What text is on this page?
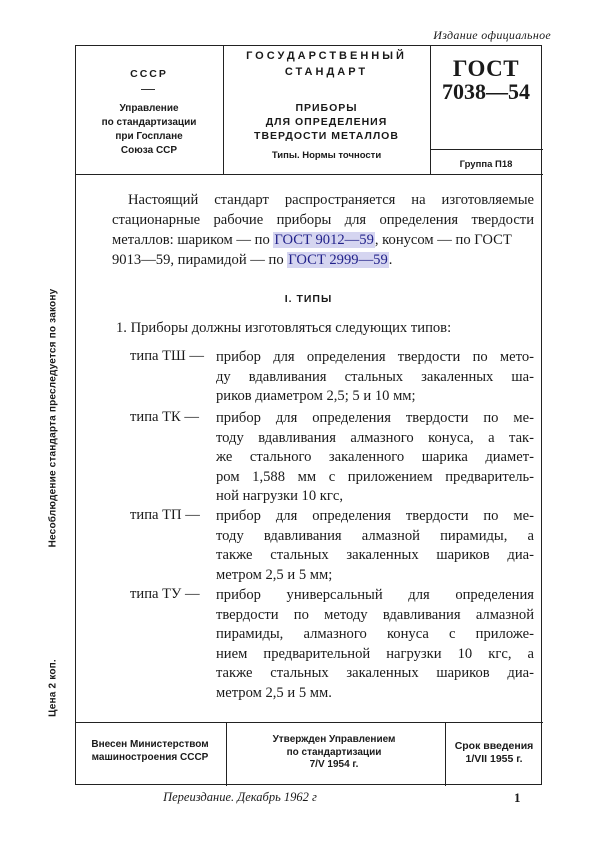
Издание официальное
СССР
Управление
по стандартизации
при Госплане
Союза ССР
ГОСУДАРСТВЕННЫЙ
СТАНДАРТ
ПРИБОРЫ
ДЛЯ ОПРЕДЕЛЕНИЯ
ТВЕРДОСТИ МЕТАЛЛОВ
Типы. Нормы точности
ГОСТ
7038—54
Группа П18
Настоящий стандарт распространяется на изготовляемые
стационарные рабочие приборы для определения твердости
металлов: шариком — по ГОСТ 9012—59, конусом — по ГОСТ
9013—59, пирамидой — по ГОСТ 2999—59.
I. ТИПЫ
1. Приборы должны изготовляться следующих типов:
типа ТШ — прибор для определения твердости по мето-
ду вдавливания стальных закаленных ша-
риков диаметром 2,5; 5 и 10 мм;
типа ТК — прибор для определения твердости по ме-
тоду вдавливания алмазного конуса, а так-
же стального закаленного шарика диамет-
ром 1,588 мм с приложением предваритель-
ной нагрузки 10 кгс,
типа ТП — прибор для определения твердости по ме-
тоду вдавливания алмазной пирамиды, а
также стальных закаленных шариков диа-
метром 2,5 и 5 мм;
типа ТУ — прибор универсальный для определения
твердости по методу вдавливания алмазной
пирамиды, алмазного конуса с приложе-
нием предварительной нагрузки 10 кгс, а
также стальных закаленных шариков диа-
метром 2,5 и 5 мм.
Несоблюдение стандарта преследуется по закону
Цена 2 коп.
Внесен Министерством
машиностроения СССР
Утвержден Управлением
по стандартизации
7/V 1954 г.
Срок введения
1/VII 1955 г.
Переиздание. Декабрь 1962 г	1
